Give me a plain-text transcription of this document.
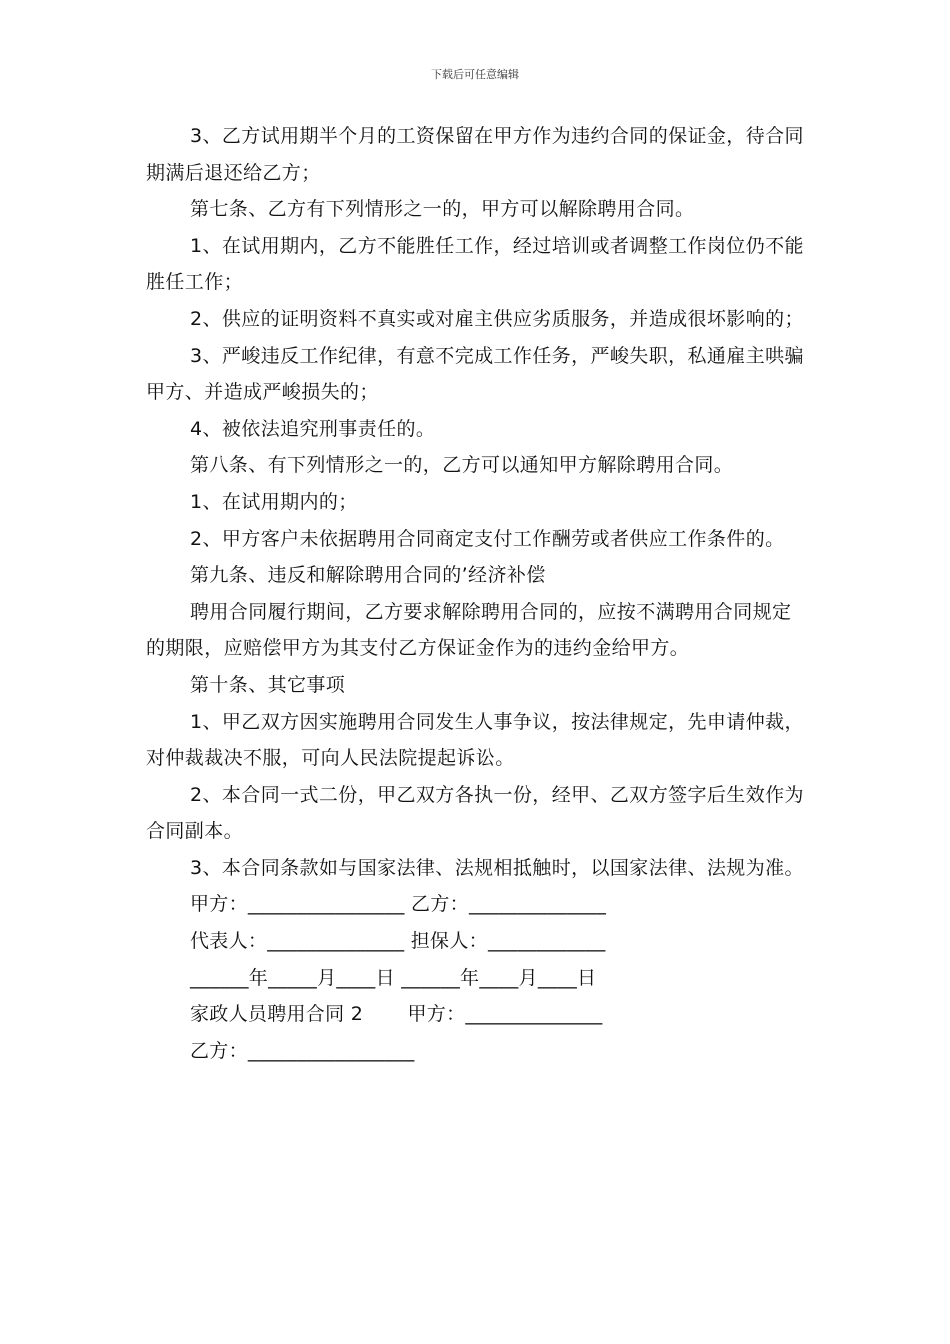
下载后可任意编辑

3、乙方试用期半个月的工资保留在甲方作为违约合同的保证金，待合同期满后退还给乙方；

第七条、乙方有下列情形之一的，甲方可以解除聘用合同。

1、在试用期内，乙方不能胜任工作，经过培训或者调整工作岗位仍不能胜任工作；

2、供应的证明资料不真实或对雇主供应劣质服务，并造成很坏影响的；

3、严峻违反工作纪律，有意不完成工作任务，严峻失职，私通雇主哄骗甲方、并造成严峻损失的；

4、被依法追究刑事责任的。

第八条、有下列情形之一的，乙方可以通知甲方解除聘用合同。

1、在试用期内的；

2、甲方客户未依据聘用合同商定支付工作酬劳或者供应工作条件的。

第九条、违反和解除聘用合同的’经济补偿

聘用合同履行期间，乙方要求解除聘用合同的，应按不满聘用合同规定的期限，应赔偿甲方为其支付乙方保证金作为的违约金给甲方。

第十条、其它事项

1、甲乙双方因实施聘用合同发生人事争议，按法律规定，先申请仲裁，对仲裁裁决不服，可向人民法院提起诉讼。

2、本合同一式二份，甲乙双方各执一份，经甲、乙双方签字后生效作为合同副本。

3、本合同条款如与国家法律、法规相抵触时，以国家法律、法规为准。

甲方：________________ 乙方：______________
代表人：______________ 担保人：____________
______年_____月____日 ______年____月____日
家政人员聘用合同 2       甲方：______________
乙方：_________________
